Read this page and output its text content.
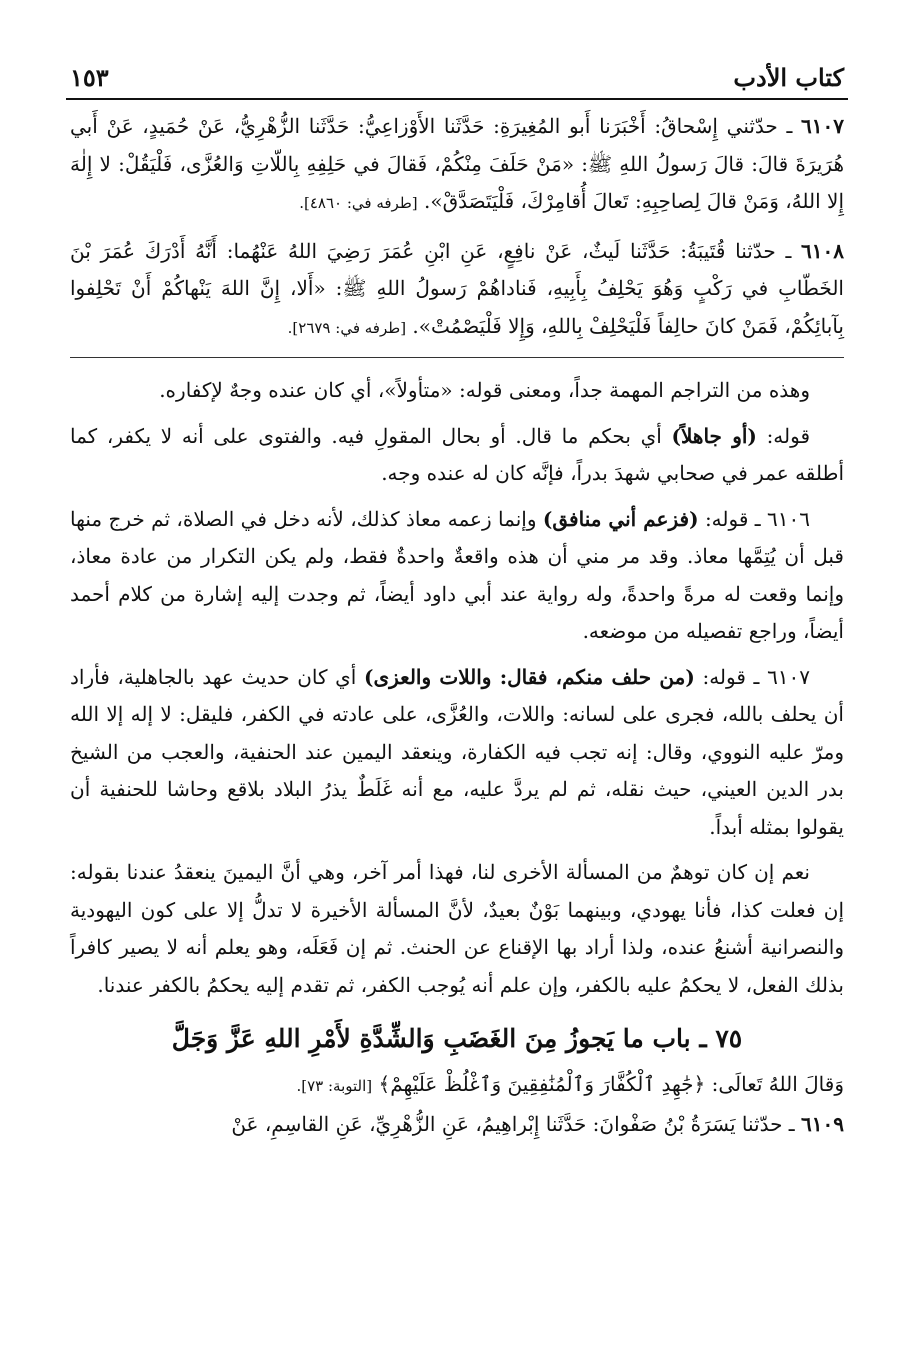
كتاب الأدب
١٥٣

٦١٠٧ ـ حدّثني إِسْحاقُ: أَخْبَرَنا أَبو المُغِيرَةِ: حَدَّثَنا الأَوْزاعِيُّ: حَدَّثَنا الزُّهْرِيُّ، عَنْ حُمَيدٍ، عَنْ أَبي هُرَيرَةَ قالَ: قالَ رَسولُ اللهِ ﷺ: «مَنْ حَلَفَ مِنْكُمْ، فَقالَ في حَلِفِهِ بِاللّاتِ وَالعُزَّى، فَلْيَقُلْ: لا إِلٰهَ إِلا اللهُ، وَمَنْ قالَ لِصاحِبِهِ: تَعالَ أُقامِرْكَ، فَلْيَتَصَدَّقْ». [طرفه في: ٤٨٦٠].

٦١٠٨ ـ حدّثنا قُتَيبَةُ: حَدَّثَنا لَيثٌ، عَنْ نافِعٍ، عَنِ ابْنِ عُمَرَ رَضِيَ اللهُ عَنْهُما: أَنَّهُ أَدْرَكَ عُمَرَ بْنَ الخَطّابِ في رَكْبٍ وَهُوَ يَحْلِفُ بِأَبِيهِ، فَناداهُمْ رَسولُ اللهِ ﷺ: «أَلا، إِنَّ اللهَ يَنْهاكُمْ أَنْ تَحْلِفوا بِآبائِكُمْ، فَمَنْ كانَ حالِفاً فَلْيَحْلِفْ بِاللهِ، وَإِلا فَلْيَصْمُتْ». [طرفه في: ٢٦٧٩].

وهذه من التراجم المهمة جداً، ومعنى قوله: «متأولاً»، أي كان عنده وجهٌ لإكفاره.

قوله: (أو جاهلاً) أي بحكم ما قال. أو بحال المقولِ فيه. والفتوى على أنه لا يكفر، كما أطلقه عمر في صحابي شهدَ بدراً، فإنَّه كان له عنده وجه.

٦١٠٦ ـ قوله: (فزعم أني منافق) وإنما زعمه معاذ كذلك، لأنه دخل في الصلاة، ثم خرج منها قبل أن يُتِمَّها معاذ. وقد مر مني أن هذه واقعةٌ واحدةٌ فقط، ولم يكن التكرار من عادة معاذ، وإنما وقعت له مرةً واحدةً، وله رواية عند أبي داود أيضاً، ثم وجدت إليه إشارة من كلام أحمد أيضاً، وراجع تفصيله من موضعه.

٦١٠٧ ـ قوله: (من حلف منكم، فقال: واللات والعزى) أي كان حديث عهد بالجاهلية، فأراد أن يحلف بالله، فجرى على لسانه: واللات، والعُزَّى، على عادته في الكفر، فليقل: لا إله إلا الله ومرّ عليه النووي، وقال: إنه تجب فيه الكفارة، وينعقد اليمين عند الحنفية، والعجب من الشيخ بدر الدين العيني، حيث نقله، ثم لم يردَّ عليه، مع أنه غَلَطٌ يذرُ البلاد بلاقع وحاشا للحنفية أن يقولوا بمثله أبداً.

نعم إن كان توهمٌ من المسألة الأخرى لنا، فهذا أمر آخر، وهي أنَّ اليمينَ ينعقدُ عندنا بقوله: إن فعلت كذا، فأنا يهودي، وبينهما بَوْنٌ بعيدٌ، لأنَّ المسألة الأخيرة لا تدلُّ إلا على كون اليهودية والنصرانية أشنعُ عنده، ولذا أراد بها الإقناع عن الحنث. ثم إن فَعَلَه، وهو يعلم أنه لا يصير كافراً بذلك الفعل، لا يحكمُ عليه بالكفر، وإن علم أنه يُوجب الكفر، ثم تقدم إليه يحكمُ بالكفر عندنا.

٧٥ ـ باب ما يَجوزُ مِنَ الغَضَبِ وَالشِّدَّةِ لأَمْرِ اللهِ عَزَّ وَجَلَّ

وَقالَ اللهُ تَعالَى: ﴿جَٰهِدِ ٱلْكُفَّارَ وَٱلْمُنَٰفِقِينَ وَٱغْلُظْ عَلَيْهِمْ﴾ [التوبة: ٧٣].

٦١٠٩ ـ حدّثنا يَسَرَةُ بْنُ صَفْوانَ: حَدَّثَنا إِبْراهِيمُ، عَنِ الزُّهْرِيِّ، عَنِ القاسِمِ، عَنْ
